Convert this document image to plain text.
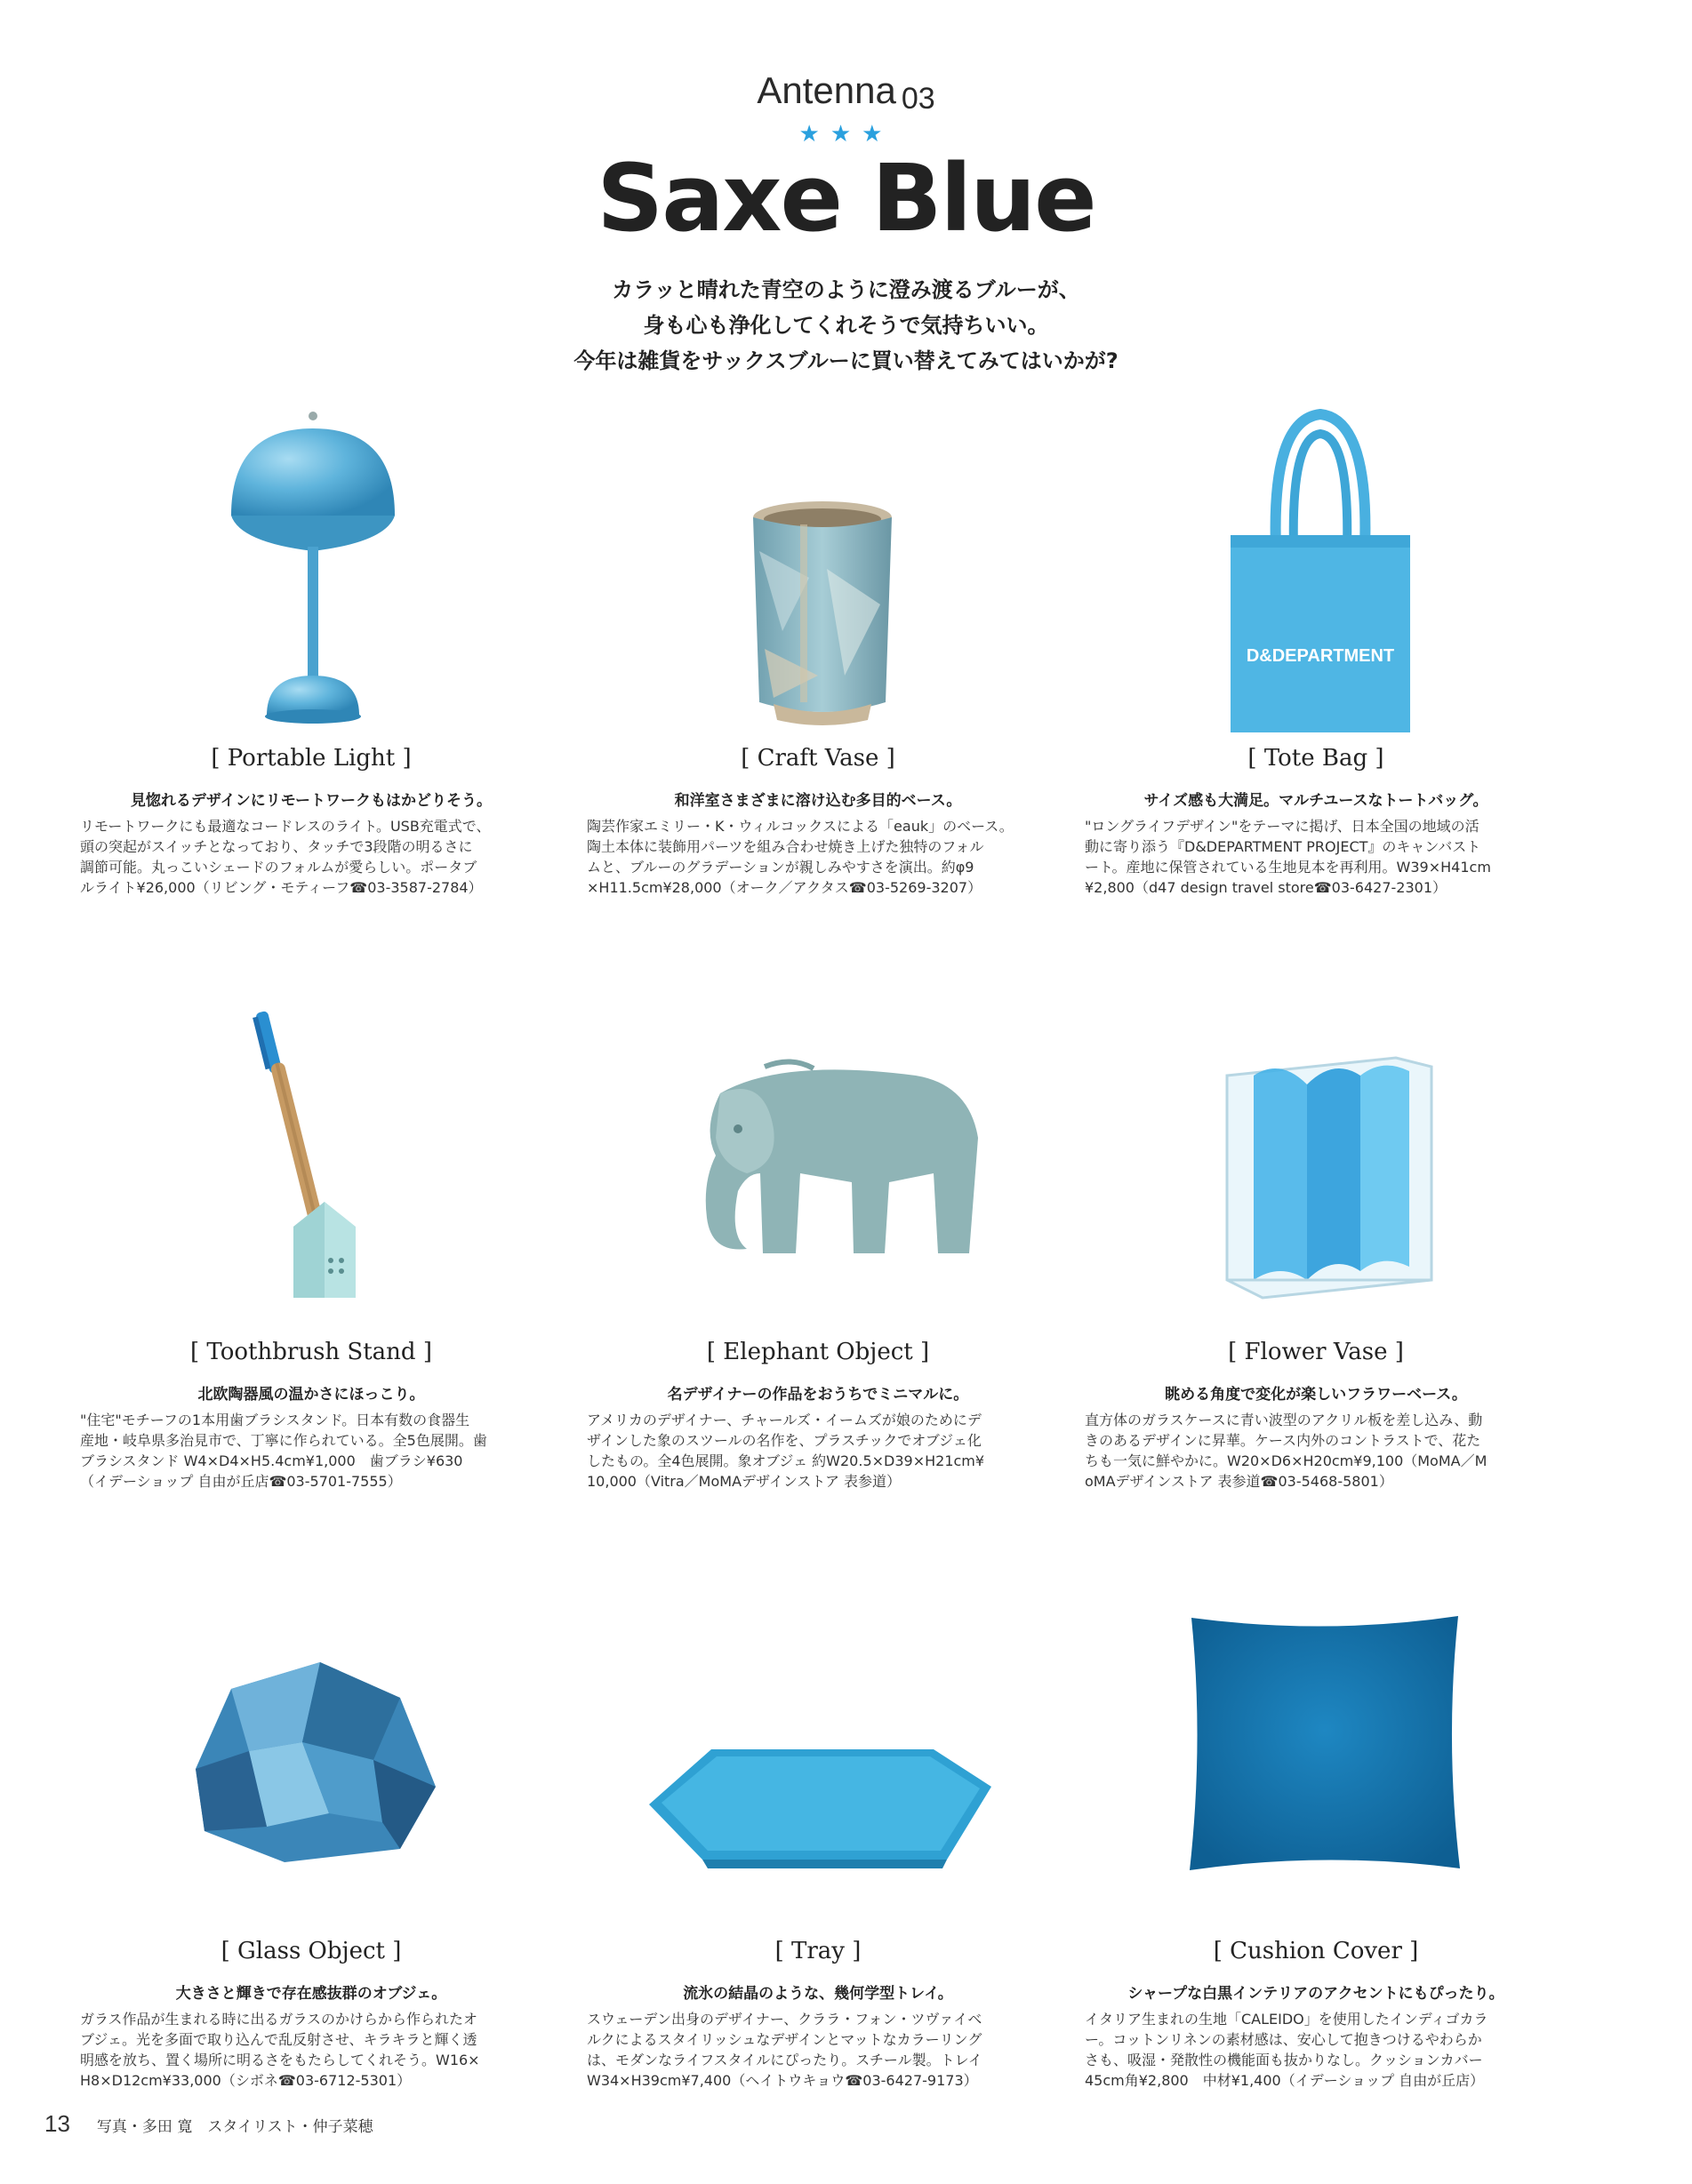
Antenna 03
★★★
Saxe Blue
カラッと晴れた青空のように澄み渡るブルーが、
身も心も浄化してくれそうで気持ちいい。
今年は雑貨をサックスブルーに買い替えてみてはいかが?
[ Portable Light ]
見惚れるデザインにリモートワークもはかどりそう。
リモートワークにも最適なコードレスのライト。USB充電式で、
頭の突起がスイッチとなっており、タッチで3段階の明るさに
調節可能。丸っこいシェードのフォルムが愛らしい。ポータブ
ルライト¥26,000（リビング・モティーフ☎03-3587-2784）
[ Craft Vase ]
和洋室さまざまに溶け込む多目的ベース。
陶芸作家エミリー・K・ウィルコックスによる「eauk」のベース。
陶土本体に装飾用パーツを組み合わせ焼き上げた独特のフォル
ムと、ブルーのグラデーションが親しみやすさを演出。約φ9
×H11.5cm¥28,000（オーク／アクタス☎03-5269-3207）
D&DEPARTMENT
[ Tote Bag ]
サイズ感も大満足。マルチユースなトートバッグ。
"ロングライフデザイン"をテーマに掲げ、日本全国の地域の活
動に寄り添う『D&DEPARTMENT PROJECT』のキャンバスト
ート。産地に保管されている生地見本を再利用。W39×H41cm
¥2,800（d47 design travel store☎03-6427-2301）
[ Toothbrush Stand ]
北欧陶器風の温かさにほっこり。
"住宅"モチーフの1本用歯ブラシスタンド。日本有数の食器生
産地・岐阜県多治見市で、丁寧に作られている。全5色展開。歯
ブラシスタンド W4×D4×H5.4cm¥1,000　歯ブラシ¥630
（イデーショップ 自由が丘店☎03-5701-7555）
[ Elephant Object ]
名デザイナーの作品をおうちでミニマルに。
アメリカのデザイナー、チャールズ・イームズが娘のためにデ
ザインした象のスツールの名作を、プラスチックでオブジェ化
したもの。全4色展開。象オブジェ 約W20.5×D39×H21cm¥
10,000（Vitra／MoMAデザインストア 表参道）
[ Flower Vase ]
眺める角度で変化が楽しいフラワーベース。
直方体のガラスケースに青い波型のアクリル板を差し込み、動
きのあるデザインに昇華。ケース内外のコントラストで、花た
ちも一気に鮮やかに。W20×D6×H20cm¥9,100（MoMA／M
oMAデザインストア 表参道☎03-5468-5801）
[ Glass Object ]
大きさと輝きで存在感抜群のオブジェ。
ガラス作品が生まれる時に出るガラスのかけらから作られたオ
ブジェ。光を多面で取り込んで乱反射させ、キラキラと輝く透
明感を放ち、置く場所に明るさをもたらしてくれそう。W16×
H8×D12cm¥33,000（シボネ☎03-6712-5301）
[ Tray ]
流氷の結晶のような、幾何学型トレイ。
スウェーデン出身のデザイナー、クララ・フォン・ツヴァイベ
ルクによるスタイリッシュなデザインとマットなカラーリング
は、モダンなライフスタイルにぴったり。スチール製。トレイ
W34×H39cm¥7,400（ヘイトウキョウ☎03-6427-9173）
[ Cushion Cover ]
シャープな白黒インテリアのアクセントにもぴったり。
イタリア生まれの生地「CALEIDO」を使用したインディゴカラ
ー。コットンリネンの素材感は、安心して抱きつけるやわらか
さも、吸湿・発散性の機能面も抜かりなし。クッションカバー
45cm角¥2,800　中材¥1,400（イデーショップ 自由が丘店）
13 写真・多田 寛　スタイリスト・仲子菜穂
